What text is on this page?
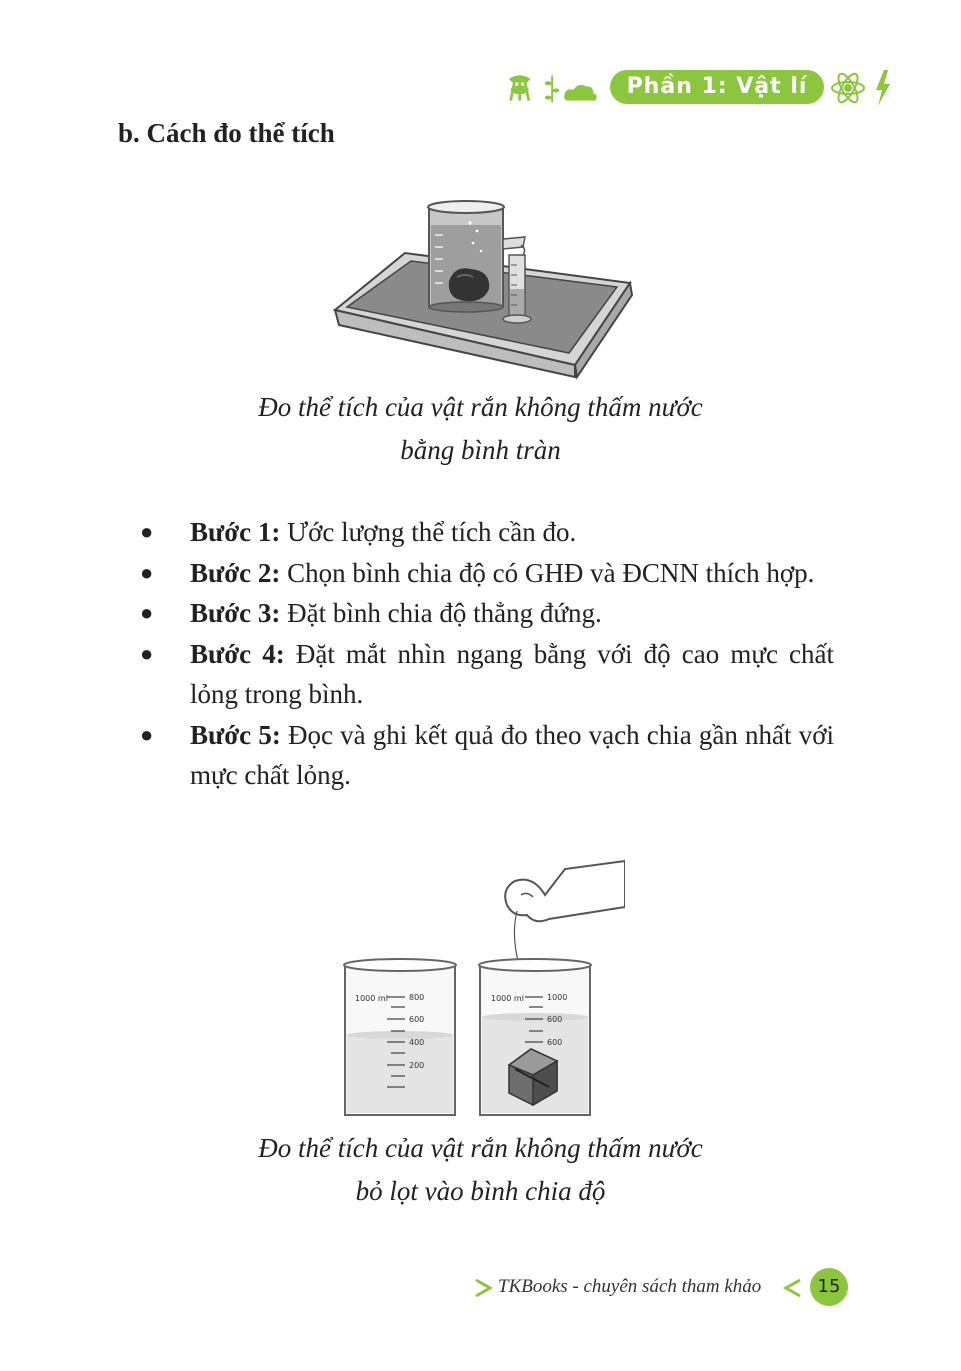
Phần 1: Vật lí
b. Cách đo thể tích
Đo thể tích của vật rắn không thấm nước
bằng bình tràn
● Bước 1: Ước lượng thể tích cần đo.
● Bước 2: Chọn bình chia độ có GHĐ và ĐCNN thích hợp.
● Bước 3: Đặt bình chia độ thẳng đứng.
● Bước 4: Đặt mắt nhìn ngang bằng với độ cao mực chất lỏng trong bình.
● Bước 5: Đọc và ghi kết quả đo theo vạch chia gần nhất với mực chất lỏng.
1000 ml	800
600
400
200
1000 ml	1000
600
600
Đo thể tích của vật rắn không thấm nước
bỏ lọt vào bình chia độ
TKBooks - chuyên sách tham khảo	15
